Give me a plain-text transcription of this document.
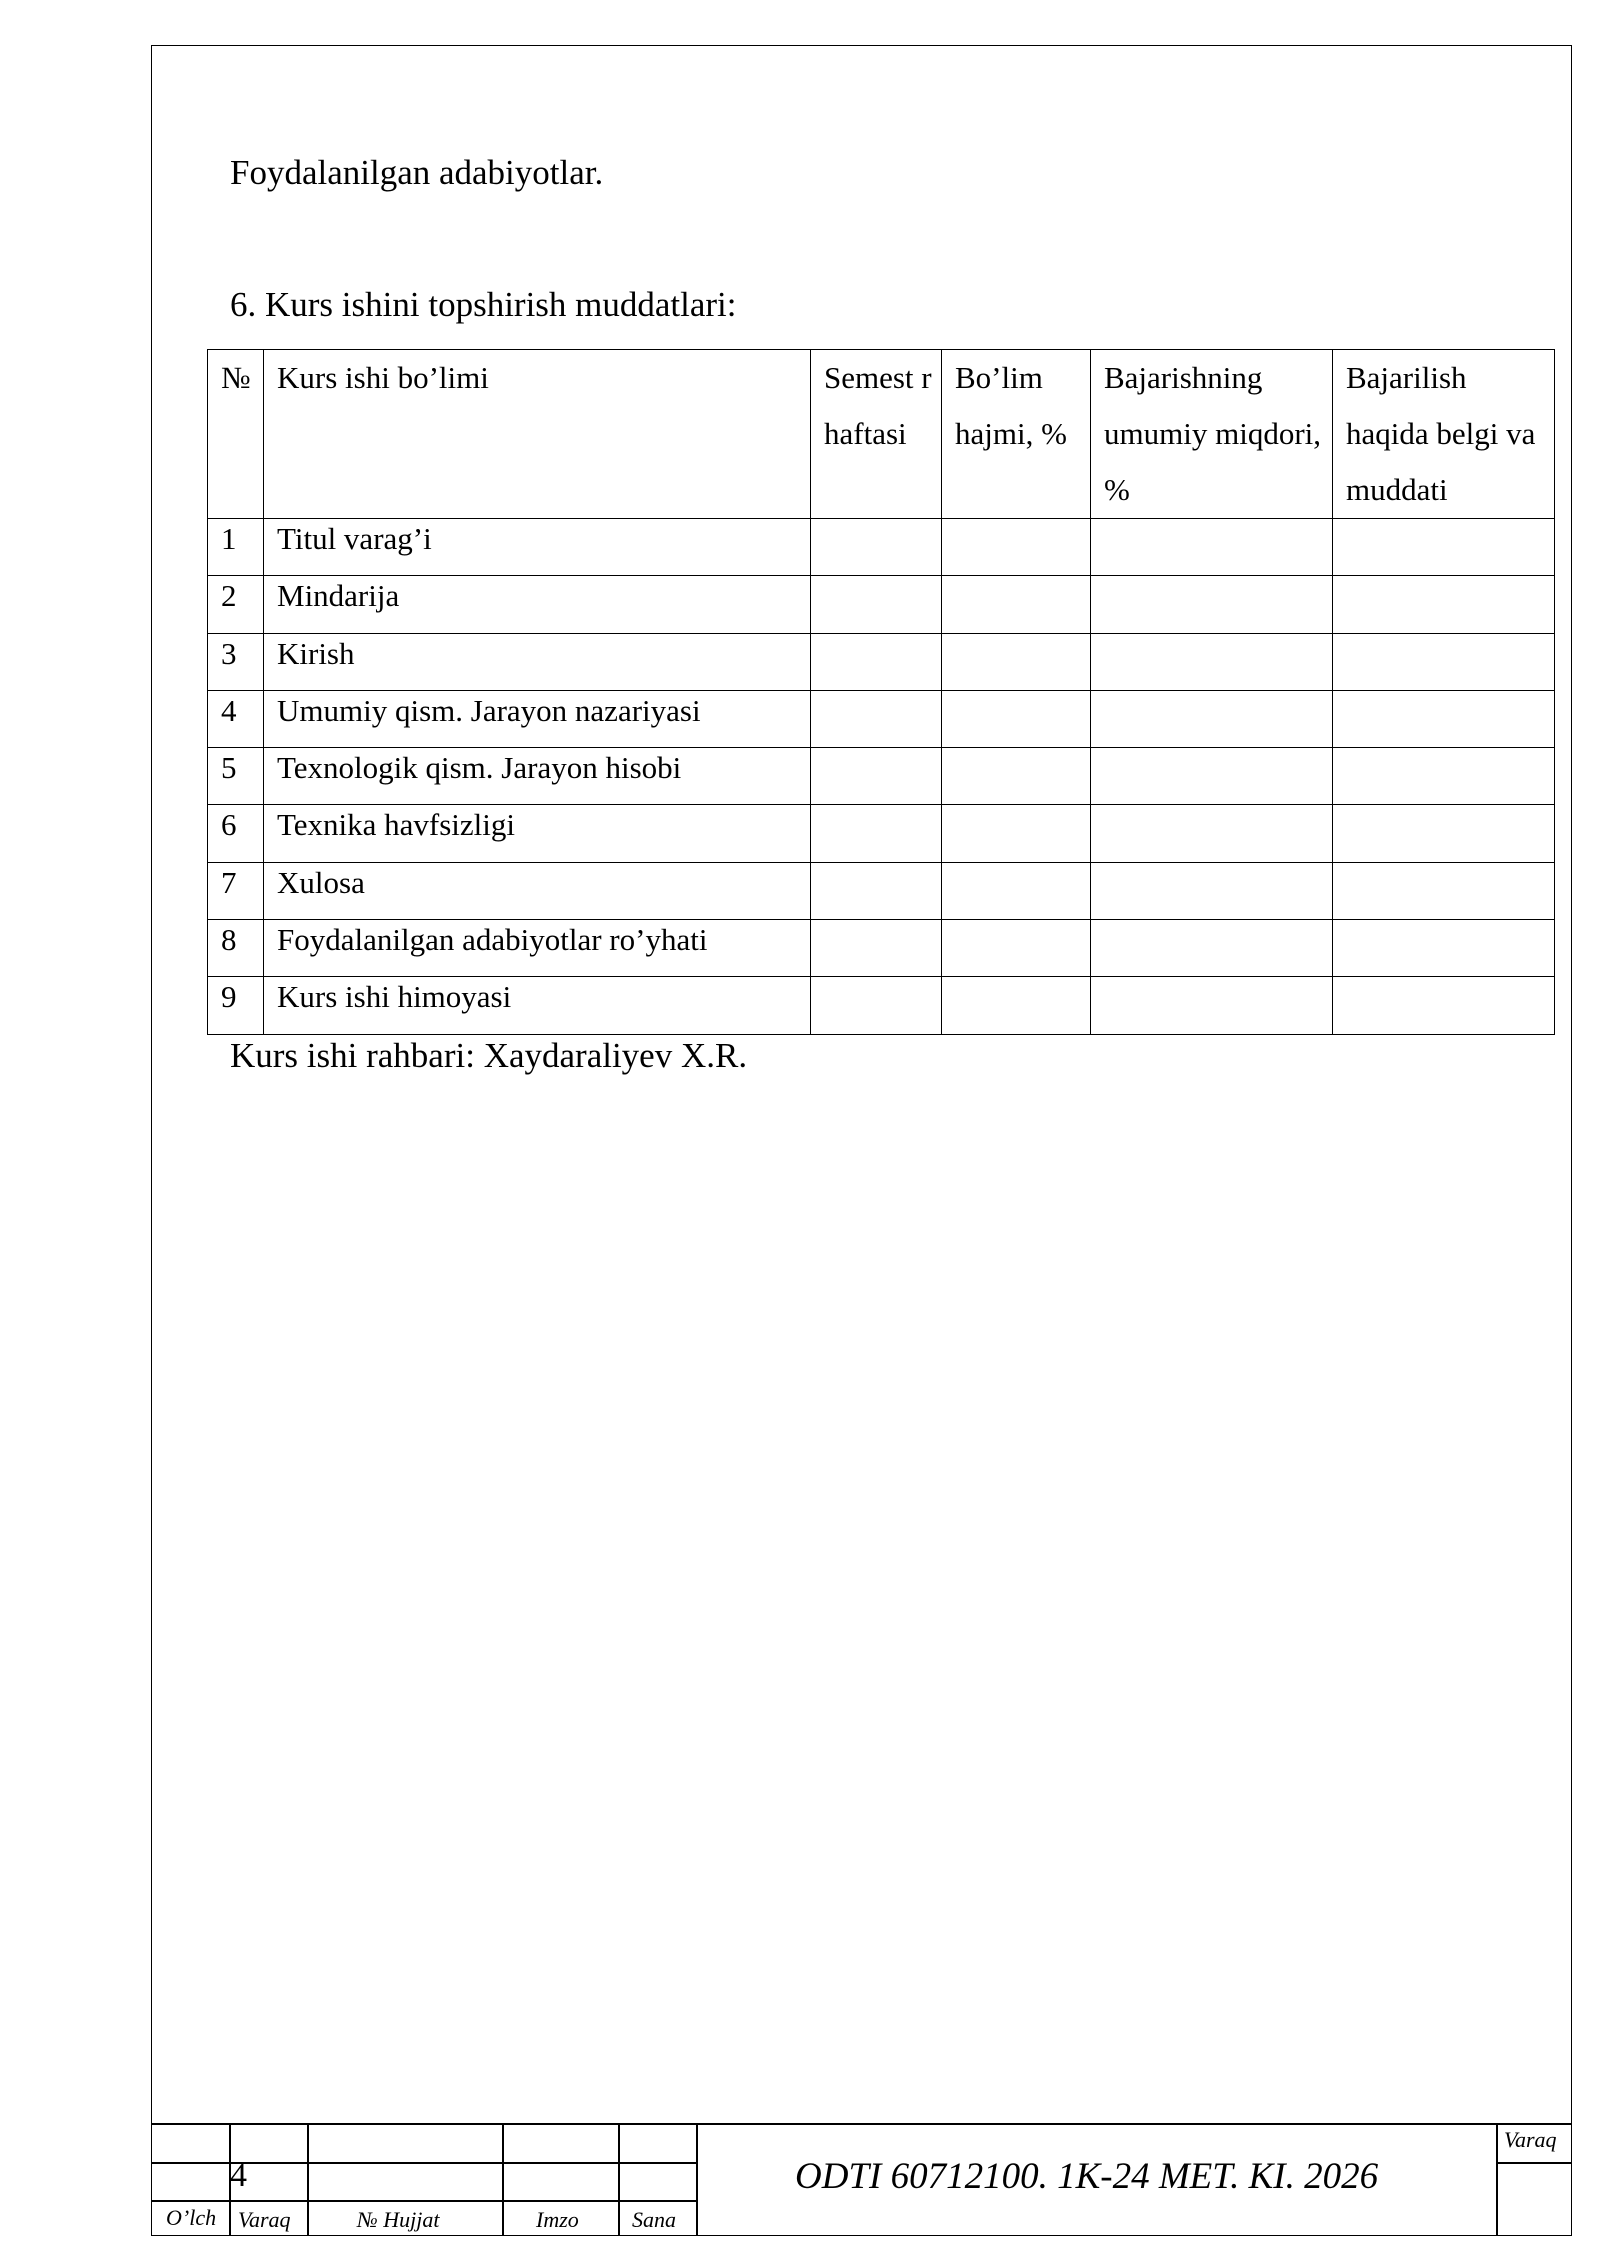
Foydalanilgan adabiyotlar.
6. Kurs ishini topshirish muddatlari:
№	Kurs ishi bo’limi	Semest r haftasi	Bo’lim hajmi, %	Bajarishning umumiy miqdori, %	Bajarilish haqida belgi va muddati
1	Titul varag’i				
2	Mindarija				
3	Kirish				
4	Umumiy qism. Jarayon nazariyasi				
5	Texnologik qism. Jarayon hisobi				
6	Texnika havfsizligi				
7	Xulosa				
8	Foydalanilgan adabiyotlar ro’yhati				
9	Kurs ishi himoyasi				
Kurs ishi rahbari: Xaydaraliyev X.R.
4	ODTI 60712100. 1K-24 MET. KI. 2026
O’lch Varaq	№ Hujjat	Imzo Sana
Varaq
